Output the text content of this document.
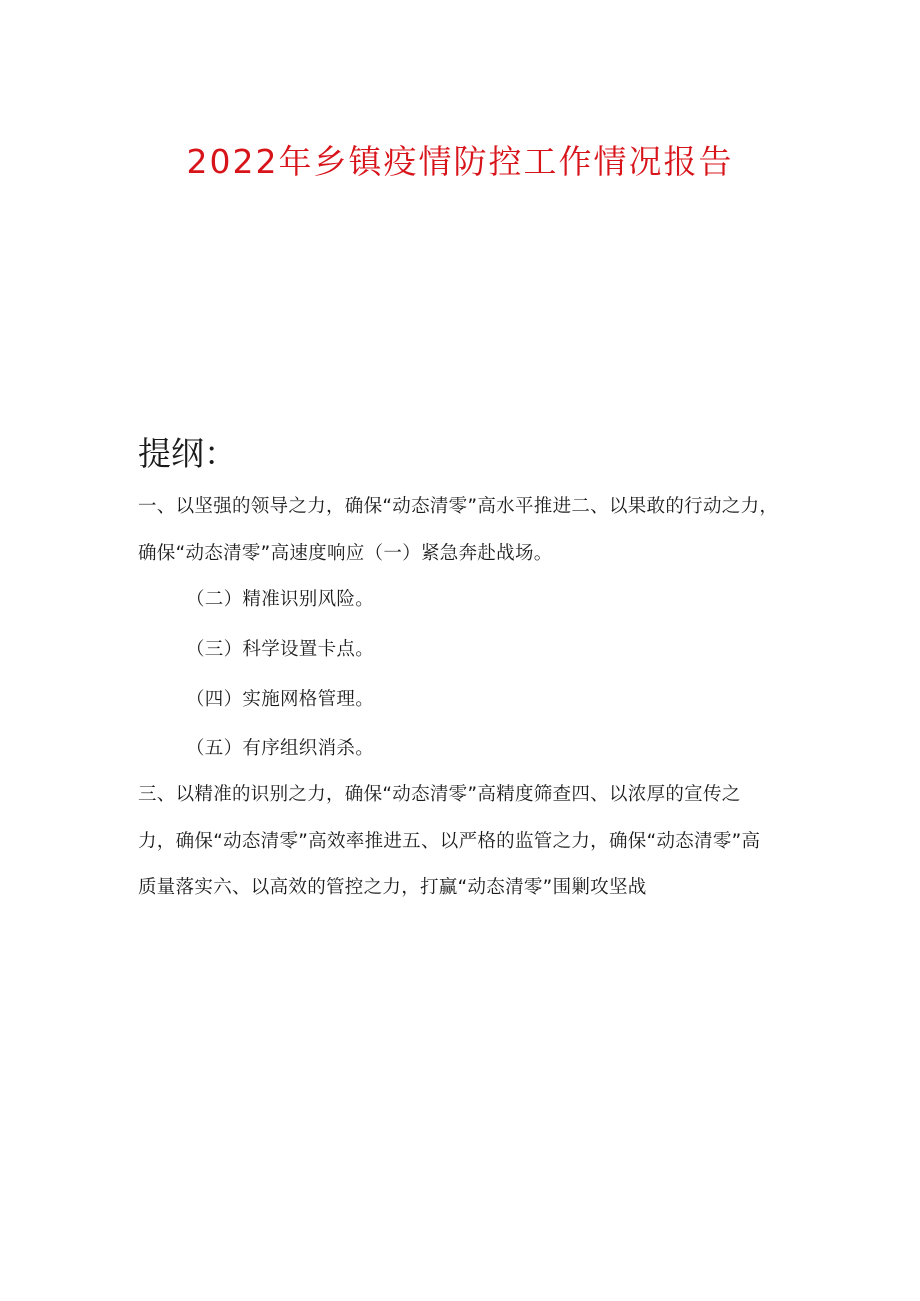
2022年乡镇疫情防控工作情况报告
提纲：

一、以坚强的领导之力，确保“动态清零”高水平推进二、以果敢的行动之力，确保“动态清零”高速度响应（一）紧急奔赴战场。

（二）精准识别风险。

（三）科学设置卡点。

（四）实施网格管理。

（五）有序组织消杀。

三、以精准的识别之力，确保“动态清零”高精度筛查四、以浓厚的宣传之力，确保“动态清零”高效率推进五、以严格的监管之力，确保“动态清零”高质量落实六、以高效的管控之力，打赢“动态清零”围剿攻坚战
